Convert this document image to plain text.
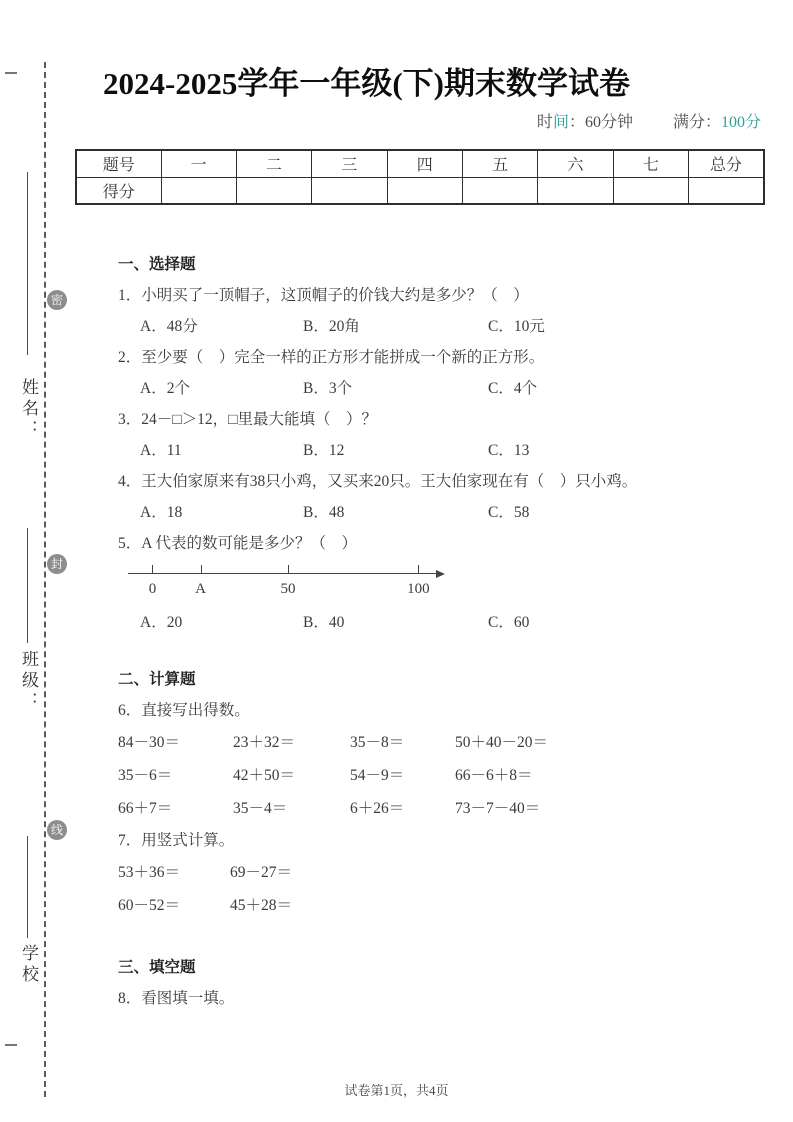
密
封
线
姓名：
班级：
学校
2024-2025学年一年级(下)期末数学试卷
时间：60分钟	满分：100分
题号	一	二	三	四	五	六	七	总分
得分								
一、选择题
1．小明买了一顶帽子，这顶帽子的价钱大约是多少？（　）
A．48分	B．20角	C．10元
2．至少要（　）完全一样的正方形才能拼成一个新的正方形。
A．2个	B．3个	C．4个
3．24－□＞12，□里最大能填（　）？
A．11	B．12	C．13
4．王大伯家原来有38只小鸡，又买来20只。王大伯家现在有（　）只小鸡。
A．18	B．48	C．58
5．A 代表的数可能是多少？（　）
0	A	50	100
A．20	B．40	C．60
二、计算题
6．直接写出得数。
84－30＝	23＋32＝	35－8＝	50＋40－20＝
35－6＝	42＋50＝	54－9＝	66－6＋8＝
66＋7＝	35－4＝	6＋26＝	73－7－40＝
7．用竖式计算。
53＋36＝	69－27＝
60－52＝	45＋28＝
三、填空题
8．看图填一填。
试卷第1页，共4页
